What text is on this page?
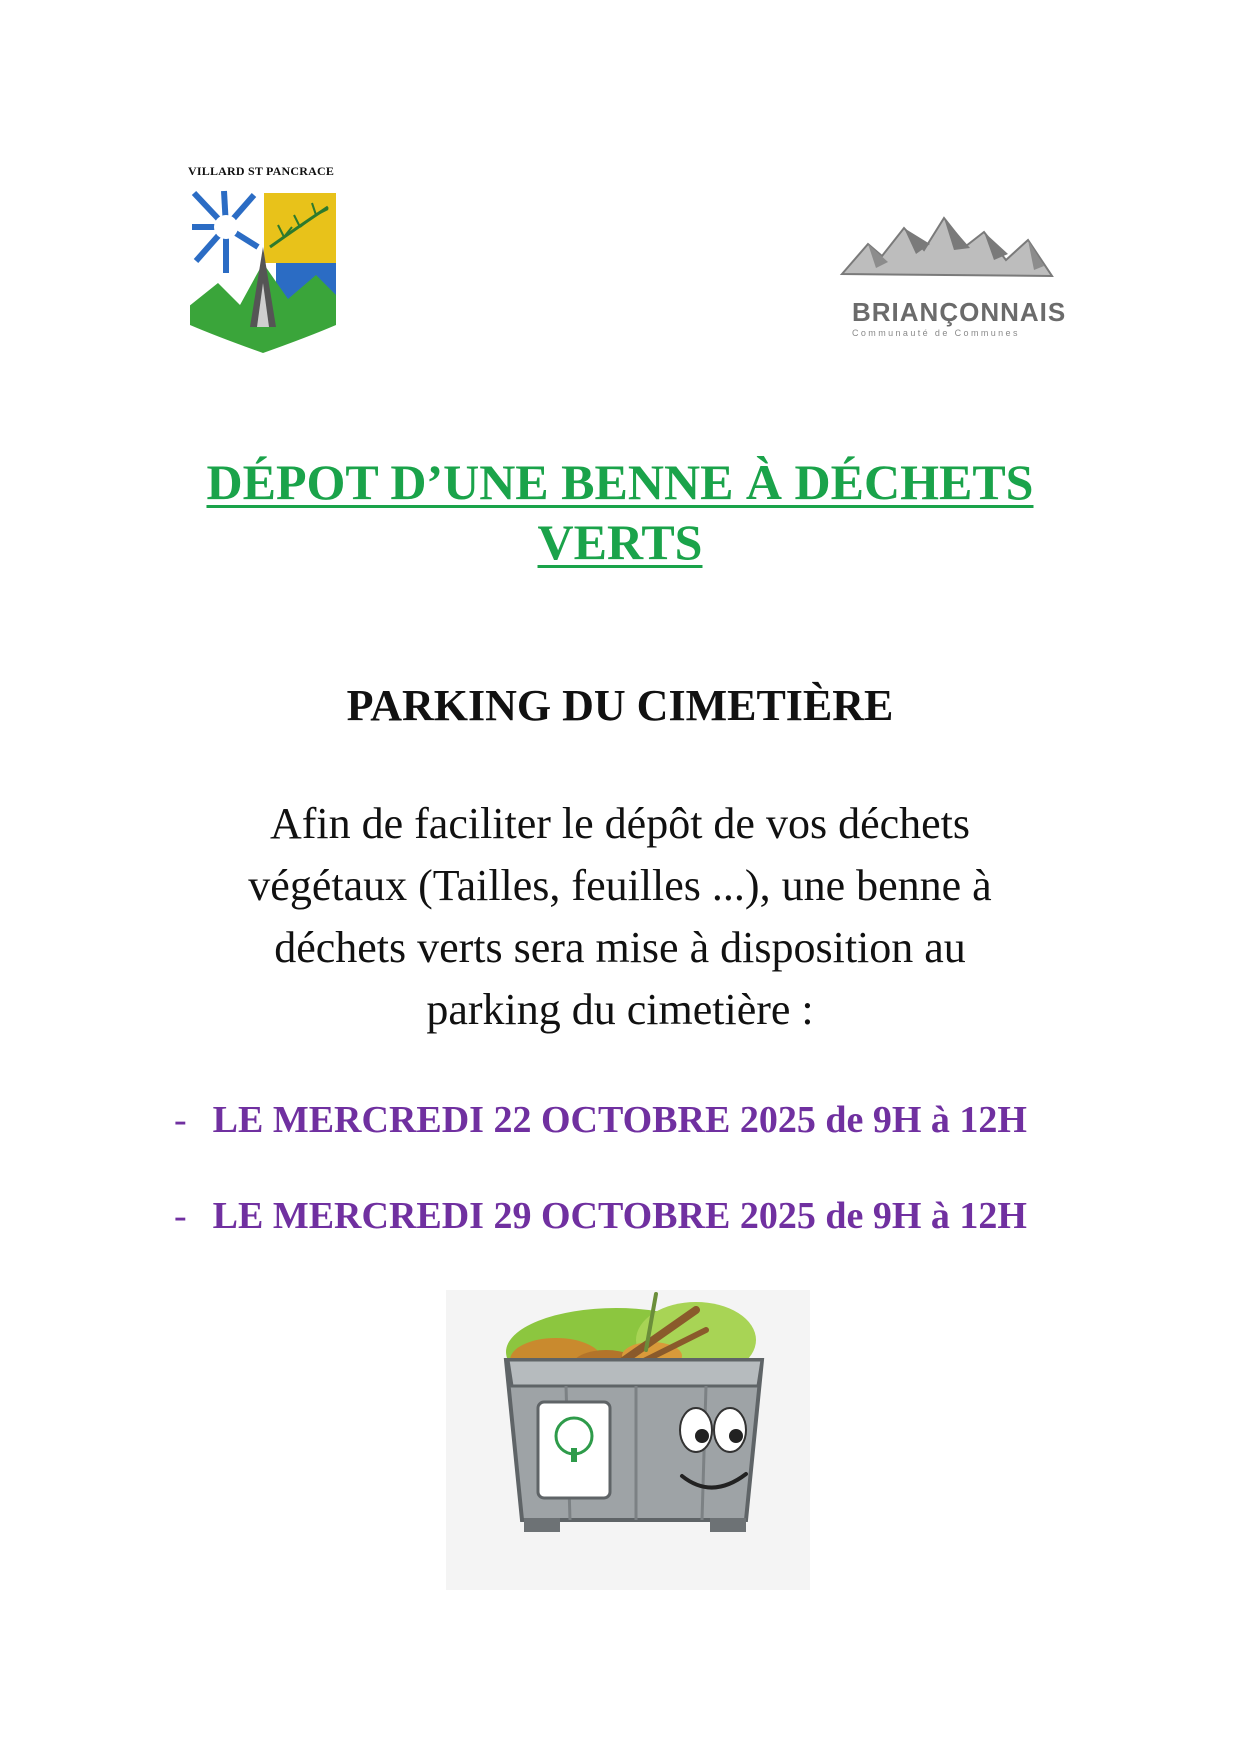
VILLARD ST PANCRACE
BRIANÇONNAIS
Communauté de Communes
DÉPOT D’UNE BENNE À DÉCHETS
VERTS
PARKING DU CIMETIÈRE
Afin de faciliter le dépôt de vos déchets
végétaux (Tailles, feuilles ...), une benne à
déchets verts sera mise à disposition au
parking du cimetière :
- LE MERCREDI 22 OCTOBRE 2025 de 9H à 12H
- LE MERCREDI 29 OCTOBRE 2025 de 9H à 12H
